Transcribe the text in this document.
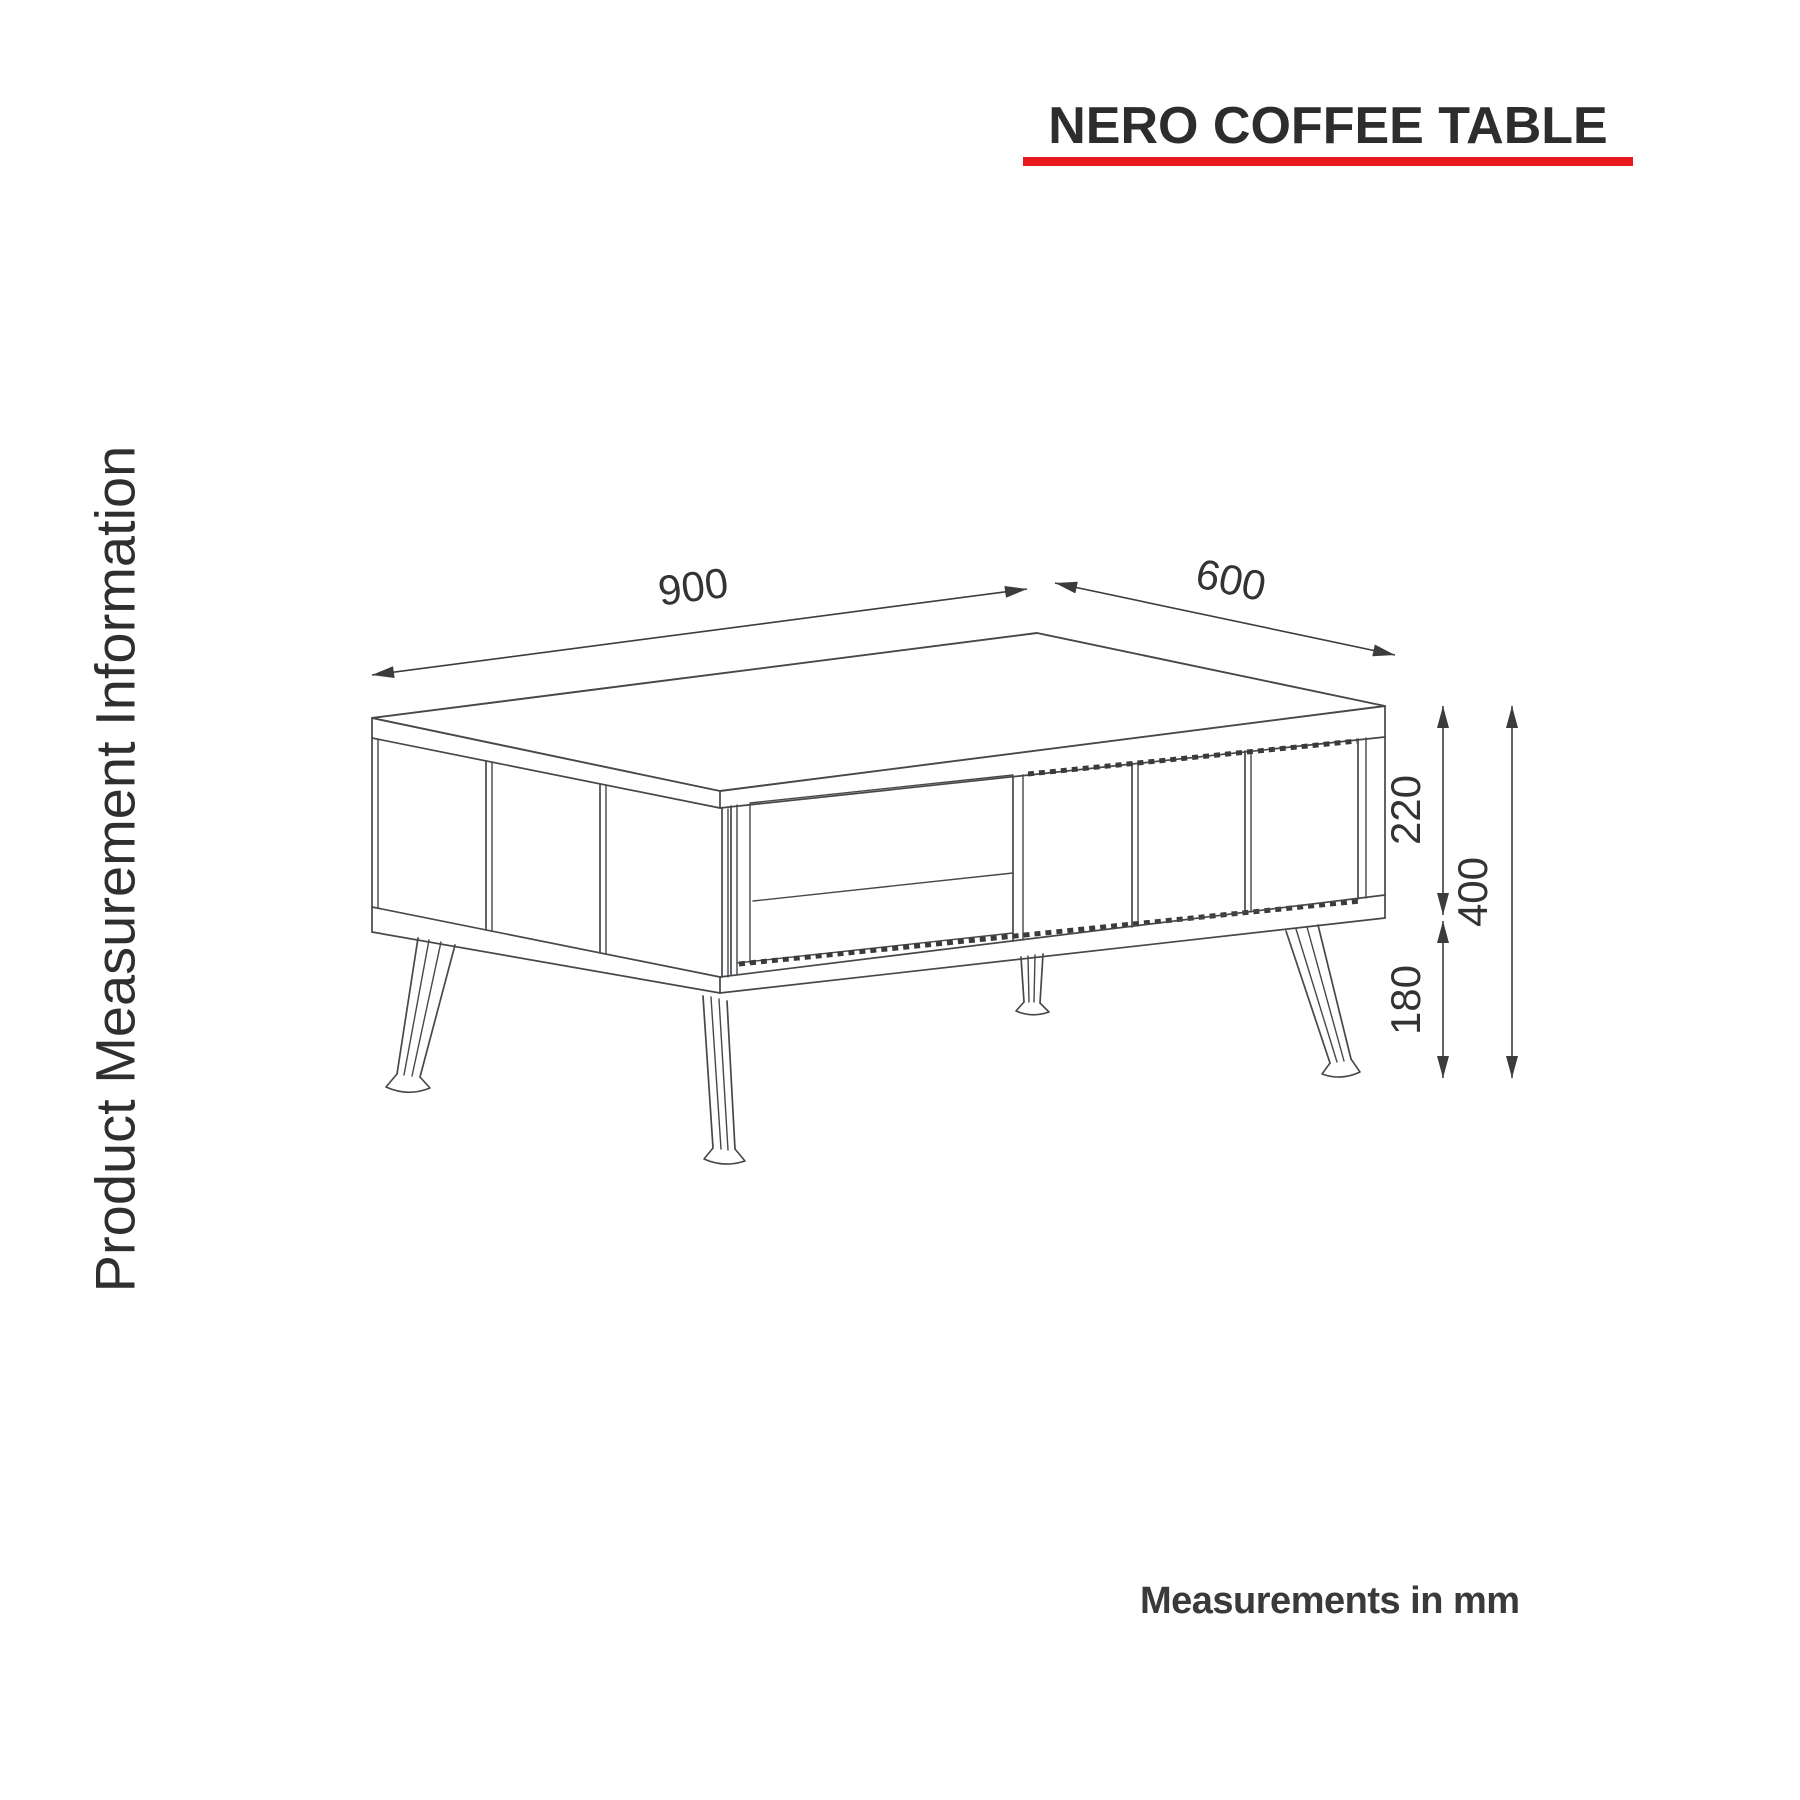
NERO COFFEE TABLE
Product Measurement Information	900	600
220
180
400
Measurements in mm
